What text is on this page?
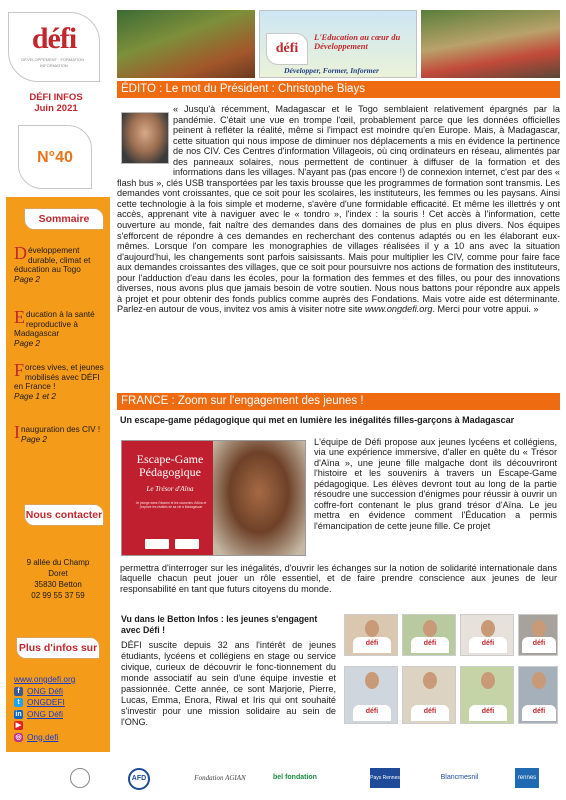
défi
DÉVELOPPEMENT · FORMATION · INFORMATION
DÉFI INFOS
Juin 2021
N°40
Sommaire
Développement durable, climat et éducation au Togo
Page 2
Education à la santé reproductive à Madagascar
Page 2
Forces vives, et jeunes mobilisés avec DÉFI en France !
Page 1 et 2
Inauguration des CIV !
Page 2
Nous contacter
9 allée du Champ
Doret
35830 Betton
02 99 55 37 59
Plus d'infos sur
www.ongdefi.org
f ONG Défi
t ONGDEFI
in ONG Défi
▶
◎ Ong.defi
défi
L'Education au cœur du Développement
Développer, Former, Informer
ÉDITO : Le mot du Président : Christophe Biays
« Jusqu'à récemment, Madagascar et le Togo semblaient relativement épargnés par la pandémie. C'était une vue en trompe l'œil, probablement parce que les données officielles peinent à refléter la réalité, même si l'impact est moindre qu'en Europe. Mais, à Madagascar, cette situation qui nous impose de diminuer nos déplacements a mis en évidence la pertinence de nos CIV. Ces Centres d'information Villageois, où cinq ordinateurs en réseau, alimentés par des panneaux solaires, nous permettent de continuer à diffuser de la formation et des informations dans les villages. N'ayant pas (pas encore !) de connexion internet, c'est par des « flash bus », clés USB transportées par les taxis brousse que les programmes de formation sont transmis. Les demandes vont croissantes, que ce soit pour les scolaires, les instituteurs, les femmes ou les paysans. Ainsi cette technologie à la fois simple et moderne, s'avère d'une formidable efficacité. Et même les illettrés y ont accès, apprenant vite à naviguer avec le « tondro », l'index : la souris ! Cet accès à l'information, cette ouverture au monde, fait naître des demandes dans des domaines de plus en plus divers. Nos équipes s'efforcent de répondre à ces demandes en recherchant des contenus adaptés ou en les élaborant eux-mêmes. Lorsque l'on compare les monographies de villages réalisées il y a 10 ans avec la situation d'aujourd'hui, les changements sont parfois saisissants. Mais pour multiplier les CIV, comme pour faire face aux demandes croissantes des villages, que ce soit pour poursuivre nos actions de formation des instituteurs, pour l'adduction d'eau dans les écoles, pour la formation des femmes et des filles, ou pour des innovations diverses, nous avons plus que jamais besoin de votre soutien. Nous nous battons pour répondre aux appels à projet et pour obtenir des fonds publics comme auprès des Fondations. Mais votre aide est déterminante. Parlez-en autour de vous, invitez vos amis à visiter notre site www.ongdefi.org. Merci pour votre appui. »
FRANCE : Zoom sur l'engagement des jeunes !
Un escape-game pédagogique qui met en lumière les inégalités filles-garçons à Madagascar
Escape-Game
Pédagogique
Le Trésor d'Aïna
Je plonge dans l'histoire et les souvenirs d'Aïna et j'explore les réalités de sa vie à Madagascar
L'équipe de Défi propose aux jeunes lycéens et collégiens, via une expérience immersive, d'aller en quête du « Trésor d'Aïna », une jeune fille malgache dont ils découvriront l'histoire et les souvenirs à travers un Escape-Game pédagogique. Les élèves devront tout au long de la partie résoudre une succession d'énigmes pour réussir à ouvrir un coffre-fort contenant le plus grand trésor d'Aïna. Le jeu mettra en évidence comment l'Éducation a permis l'émancipation de cette jeune fille. Ce projet
permettra d'interroger sur les inégalités, d'ouvrir les échanges sur la notion de solidarité internationale dans laquelle chacun peut jouer un rôle essentiel, et de faire prendre conscience aux jeunes de leur responsabilité en tant que futurs citoyens du monde.
Vu dans le Betton Infos : les jeunes s'engagent avec Défi !
DÉFI suscite depuis 32 ans l'intérêt de jeunes étudiants, lycéens et collégiens en stage ou service civique, curieux de découvrir le fonc-tionnement du monde associatif au sein d'une équipe investie et passionnée. Cette année, ce sont Marjorie, Pierre, Lucas, Emma, Enora, Riwal et Iris qui ont souhaité s'investir pour une mission solidaire au sein de l'ONG.
défi	défi	défi	défi
défi	défi	défi	défi
AFD	Fondation AGIAN	bel fondation	Pays Rennes	Blancmesnil	rennes
